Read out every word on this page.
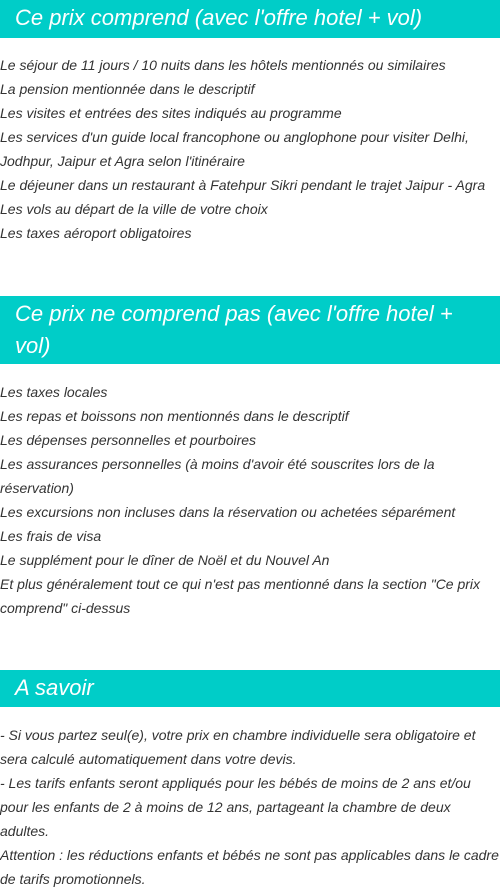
Ce prix comprend (avec l'offre hotel + vol)
Le séjour de 11 jours / 10 nuits dans les hôtels mentionnés ou similaires
La pension mentionnée dans le descriptif
Les visites et entrées des sites indiqués au programme
Les services d'un guide local francophone ou anglophone pour visiter Delhi, Jodhpur, Jaipur et Agra selon l'itinéraire
Le déjeuner dans un restaurant à Fatehpur Sikri pendant le trajet Jaipur - Agra
Les vols au départ de la ville de votre choix
Les taxes aéroport obligatoires
Ce prix ne comprend pas (avec l'offre hotel + vol)
Les taxes locales
Les repas et boissons non mentionnés dans le descriptif
Les dépenses personnelles et pourboires
Les assurances personnelles (à moins d'avoir été souscrites lors de la réservation)
Les excursions non incluses dans la réservation ou achetées séparément
Les frais de visa
Le supplément pour le dîner de Noël et du Nouvel An
Et plus généralement tout ce qui n'est pas mentionné dans la section "Ce prix comprend" ci-dessus
A savoir
- Si vous partez seul(e), votre prix en chambre individuelle sera obligatoire et sera calculé automatiquement dans votre devis.
- Les tarifs enfants seront appliqués pour les bébés de moins de 2 ans et/ou pour les enfants de 2 à moins de 12 ans, partageant la chambre de deux adultes.
Attention : les réductions enfants et bébés ne sont pas applicables dans le cadre de tarifs promotionnels.
